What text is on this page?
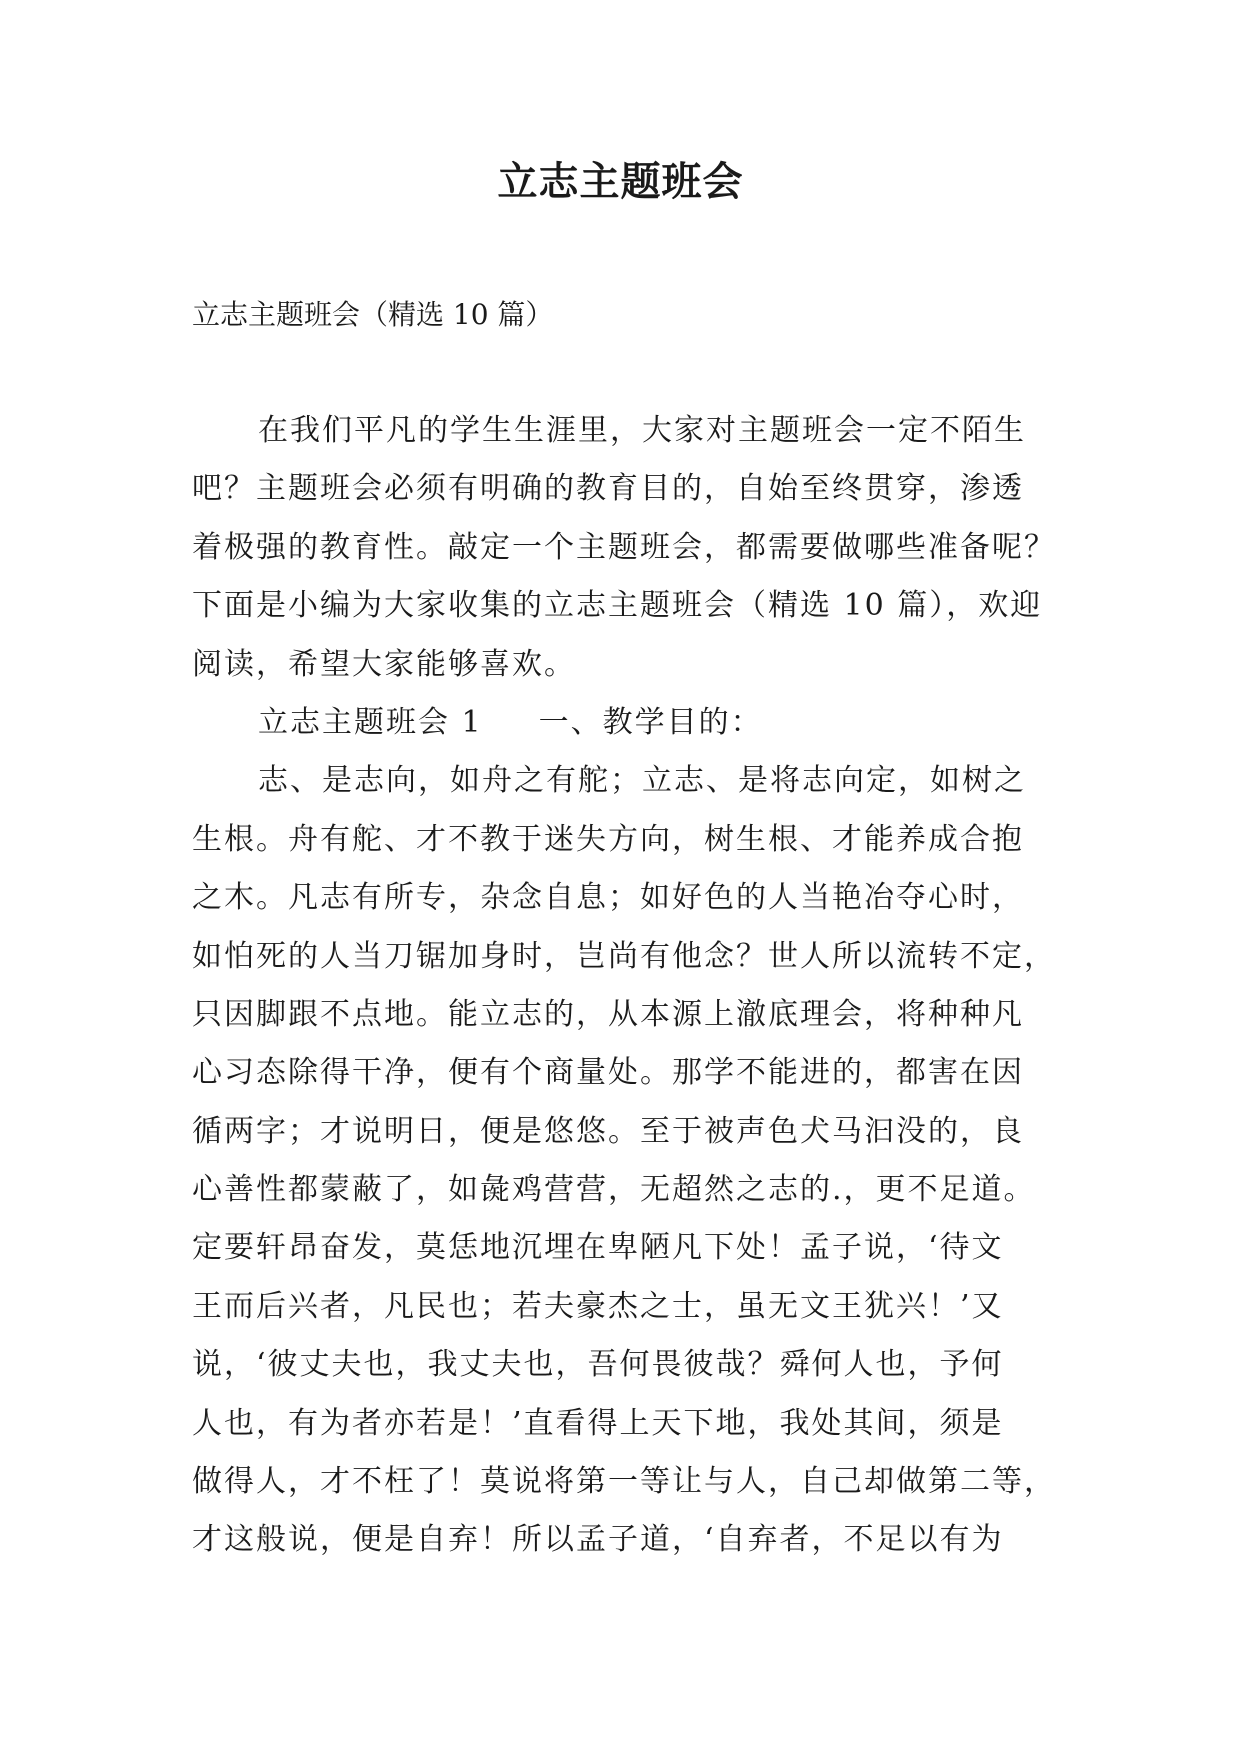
立志主题班会
立志主题班会（精选 10 篇）
在我们平凡的学生生涯里，大家对主题班会一定不陌生
吧？主题班会必须有明确的教育目的，自始至终贯穿，渗透
着极强的教育性。敲定一个主题班会，都需要做哪些准备呢？
下面是小编为大家收集的立志主题班会（精选 10 篇），欢迎
阅读，希望大家能够喜欢。
立志主题班会 1 一、教学目的：
志、是志向，如舟之有舵；立志、是将志向定，如树之
生根。舟有舵、才不教于迷失方向，树生根、才能养成合抱
之木。凡志有所专，杂念自息；如好色的人当艳冶夺心时，
如怕死的人当刀锯加身时，岂尚有他念？世人所以流转不定，
只因脚跟不点地。能立志的，从本源上澈底理会，将种种凡
心习态除得干净，便有个商量处。那学不能进的，都害在因
循两字；才说明日，便是悠悠。至于被声色犬马汩没的，良
心善性都蒙蔽了，如彘鸡营营，无超然之志的.，更不足道。
定要轩昂奋发，莫恁地沉埋在卑陋凡下处！孟子说，‘待文
王而后兴者，凡民也；若夫豪杰之士，虽无文王犹兴！’又
说，‘彼丈夫也，我丈夫也，吾何畏彼哉？舜何人也，予何
人也，有为者亦若是！’直看得上天下地，我处其间，须是
做得人，才不枉了！莫说将第一等让与人，自己却做第二等，
才这般说，便是自弃！所以孟子道，‘自弃者，不足以有为
